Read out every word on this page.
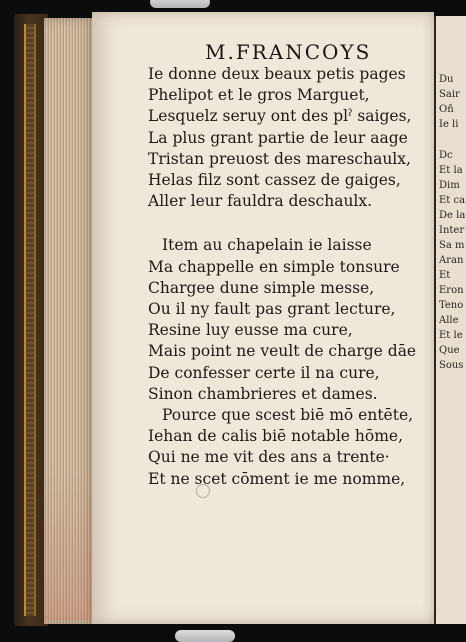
Du
Sair
Oñ
Ie li
Dc
Et la
Dim
Et ca
De la
Inter
Sa m
Aran
Et
Eron
Teno
Alle
Et le
Que
Sous
M.FRANCOYS
Ie donne deux beaux petis pages
Phelipot et le gros Marguet,
Lesquelz seruy ont des plˀ saiges,
La plus grant partie de leur aage
Tristan preuost des mareschaulx,
Helas filz sont cassez de gaiges,
Aller leur fauldra deschaulx.
Item au chapelain ie laisse
Ma chappelle en simple tonsure
Chargee dune simple messe,
Ou il ny fault pas grant lecture,
Resine luy eusse ma cure,
Mais point ne veult de charge dāe
De confesser certe il na cure,
Sinon chambrieres et dames.
Pource que scest biē mō entēte,
Iehan de calis biē notable hōme,
Qui ne me vit des ans a trente·
Et ne scet cōment ie me nomme,
